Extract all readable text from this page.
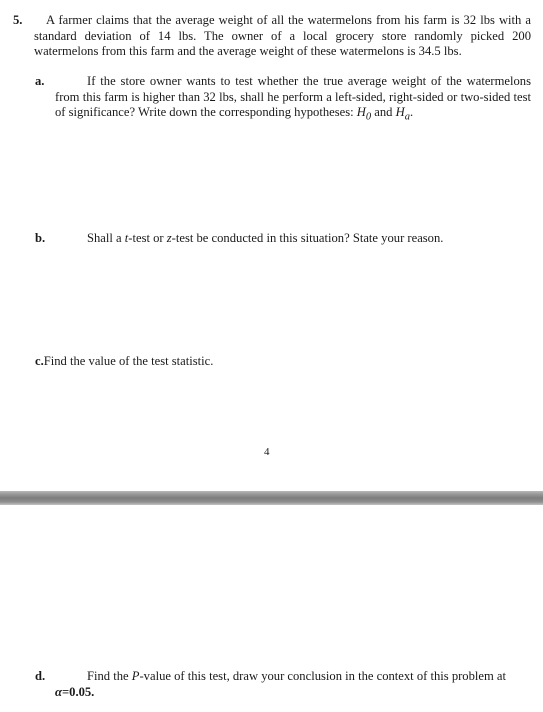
5.	A farmer claims that the average weight of all the watermelons from his farm is 32 lbs with a standard deviation of 14 lbs. The owner of a local grocery store randomly picked 200 watermelons from this farm and the average weight of these watermelons is 34.5 lbs.
a.	If the store owner wants to test whether the true average weight of the watermelons from this farm is higher than 32 lbs, shall he perform a left-sided, right-sided or two-sided test of significance? Write down the corresponding hypotheses: $H_0$ and $H_a$.
b.	Shall a t-test or z-test be conducted in this situation? State your reason.
c.Find the value of the test statistic.
4
d.	Find the P-value of this test, draw your conclusion in the context of this problem at α=0.05.
